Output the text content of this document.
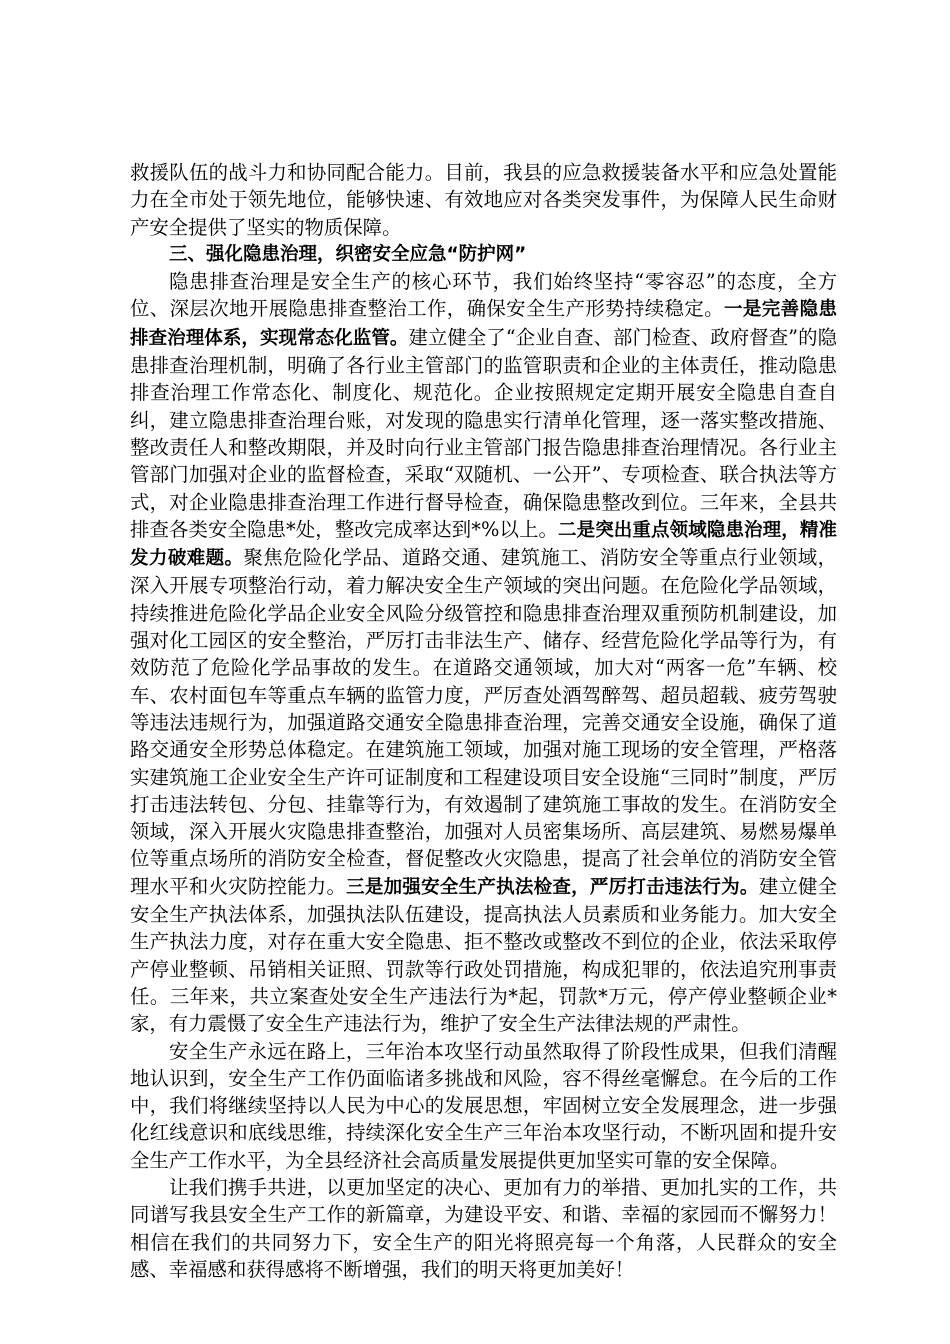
救援队伍的战斗力和协同配合能力。目前，我县的应急救援装备水平和应急处置能力在全市处于领先地位，能够快速、有效地应对各类突发事件，为保障人民生命财产安全提供了坚实的物质保障。

三、强化隐患治理，织密安全应急“防护网”

隐患排查治理是安全生产的核心环节，我们始终坚持“零容忍”的态度，全方位、深层次地开展隐患排查整治工作，确保安全生产形势持续稳定。一是完善隐患排查治理体系，实现常态化监管。建立健全了“企业自查、部门检查、政府督查”的隐患排查治理机制，明确了各行业主管部门的监管职责和企业的主体责任，推动隐患排查治理工作常态化、制度化、规范化。企业按照规定定期开展安全隐患自查自纠，建立隐患排查治理台账，对发现的隐患实行清单化管理，逐一落实整改措施、整改责任人和整改期限，并及时向行业主管部门报告隐患排查治理情况。各行业主管部门加强对企业的监督检查，采取“双随机、一公开”、专项检查、联合执法等方式，对企业隐患排查治理工作进行督导检查，确保隐患整改到位。三年来，全县共排查各类安全隐患*处，整改完成率达到*%以上。二是突出重点领域隐患治理，精准发力破难题。聚焦危险化学品、道路交通、建筑施工、消防安全等重点行业领域，深入开展专项整治行动，着力解决安全生产领域的突出问题。在危险化学品领域，持续推进危险化学品企业安全风险分级管控和隐患排查治理双重预防机制建设，加强对化工园区的安全整治，严厉打击非法生产、储存、经营危险化学品等行为，有效防范了危险化学品事故的发生。在道路交通领域，加大对“两客一危”车辆、校车、农村面包车等重点车辆的监管力度，严厉查处酒驾醉驾、超员超载、疲劳驾驶等违法违规行为，加强道路交通安全隐患排查治理，完善交通安全设施，确保了道路交通安全形势总体稳定。在建筑施工领域，加强对施工现场的安全管理，严格落实建筑施工企业安全生产许可证制度和工程建设项目安全设施“三同时”制度，严厉打击违法转包、分包、挂靠等行为，有效遏制了建筑施工事故的发生。在消防安全领域，深入开展火灾隐患排查整治，加强对人员密集场所、高层建筑、易燃易爆单位等重点场所的消防安全检查，督促整改火灾隐患，提高了社会单位的消防安全管理水平和火灾防控能力。三是加强安全生产执法检查，严厉打击违法行为。建立健全安全生产执法体系，加强执法队伍建设，提高执法人员素质和业务能力。加大安全生产执法力度，对存在重大安全隐患、拒不整改或整改不到位的企业，依法采取停产停业整顿、吊销相关证照、罚款等行政处罚措施，构成犯罪的，依法追究刑事责任。三年来，共立案查处安全生产违法行为*起，罚款*万元，停产停业整顿企业*家，有力震慑了安全生产违法行为，维护了安全生产法律法规的严肃性。

安全生产永远在路上，三年治本攻坚行动虽然取得了阶段性成果，但我们清醒地认识到，安全生产工作仍面临诸多挑战和风险，容不得丝毫懈怠。在今后的工作中，我们将继续坚持以人民为中心的发展思想，牢固树立安全发展理念，进一步强化红线意识和底线思维，持续深化安全生产三年治本攻坚行动，不断巩固和提升安全生产工作水平，为全县经济社会高质量发展提供更加坚实可靠的安全保障。

让我们携手共进，以更加坚定的决心、更加有力的举措、更加扎实的工作，共同谱写我县安全生产工作的新篇章，为建设平安、和谐、幸福的家园而不懈努力！相信在我们的共同努力下，安全生产的阳光将照亮每一个角落，人民群众的安全感、幸福感和获得感将不断增强，我们的明天将更加美好！
